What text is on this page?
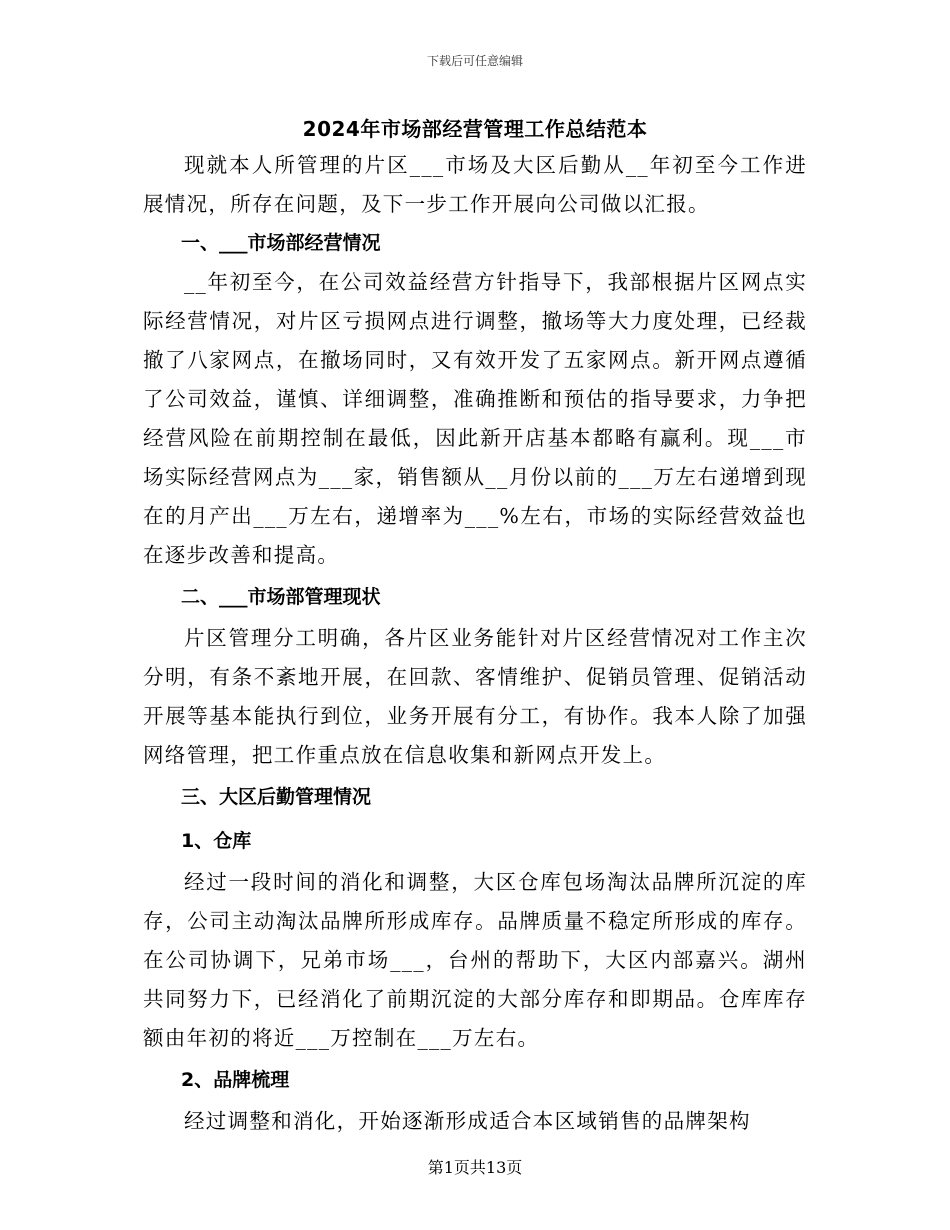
下载后可任意编辑
2024年市场部经营管理工作总结范本

现就本人所管理的片区___市场及大区后勤从__年初至今工作进展情况，所存在问题，及下一步工作开展向公司做以汇报。

一、___市场部经营情况

__年初至今，在公司效益经营方针指导下，我部根据片区网点实际经营情况，对片区亏损网点进行调整，撤场等大力度处理，已经裁撤了八家网点，在撤场同时，又有效开发了五家网点。新开网点遵循了公司效益，谨慎、详细调整，准确推断和预估的指导要求，力争把经营风险在前期控制在最低，因此新开店基本都略有赢利。现___市场实际经营网点为___家，销售额从__月份以前的___万左右递增到现在的月产出___万左右，递增率为___%左右，市场的实际经营效益也在逐步改善和提高。

二、___市场部管理现状

片区管理分工明确，各片区业务能针对片区经营情况对工作主次分明，有条不紊地开展，在回款、客情维护、促销员管理、促销活动开展等基本能执行到位，业务开展有分工，有协作。我本人除了加强网络管理，把工作重点放在信息收集和新网点开发上。

三、大区后勤管理情况

1、仓库

经过一段时间的消化和调整，大区仓库包场淘汰品牌所沉淀的库存，公司主动淘汰品牌所形成库存。品牌质量不稳定所形成的库存。在公司协调下，兄弟市场___，台州的帮助下，大区内部嘉兴。湖州共同努力下，已经消化了前期沉淀的大部分库存和即期品。仓库库存额由年初的将近___万控制在___万左右。

2、品牌梳理

经过调整和消化，开始逐渐形成适合本区域销售的品牌架构

第1页共13页
